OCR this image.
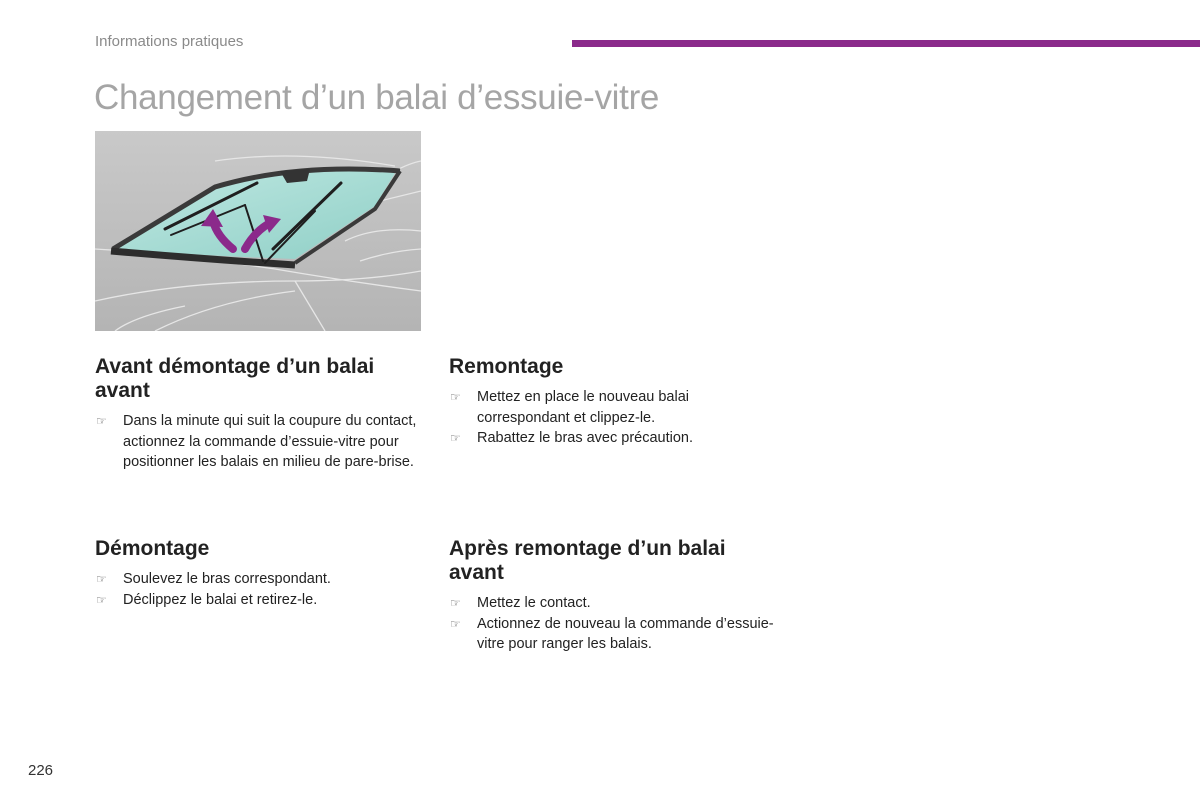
Informations pratiques
Changement d’un balai d’essuie-vitre
Avant démontage d’un balai avant
☞ Dans la minute qui suit la coupure du contact, actionnez la commande d’essuie-vitre pour positionner les balais en milieu de pare-brise.
Remontage
☞ Mettez en place le nouveau balai correspondant et clippez-le.
☞ Rabattez le bras avec précaution.
Démontage
☞ Soulevez le bras correspondant.
☞ Déclippez le balai et retirez-le.
Après remontage d’un balai avant
☞ Mettez le contact.
☞ Actionnez de nouveau la commande d’essuie-vitre pour ranger les balais.
226
